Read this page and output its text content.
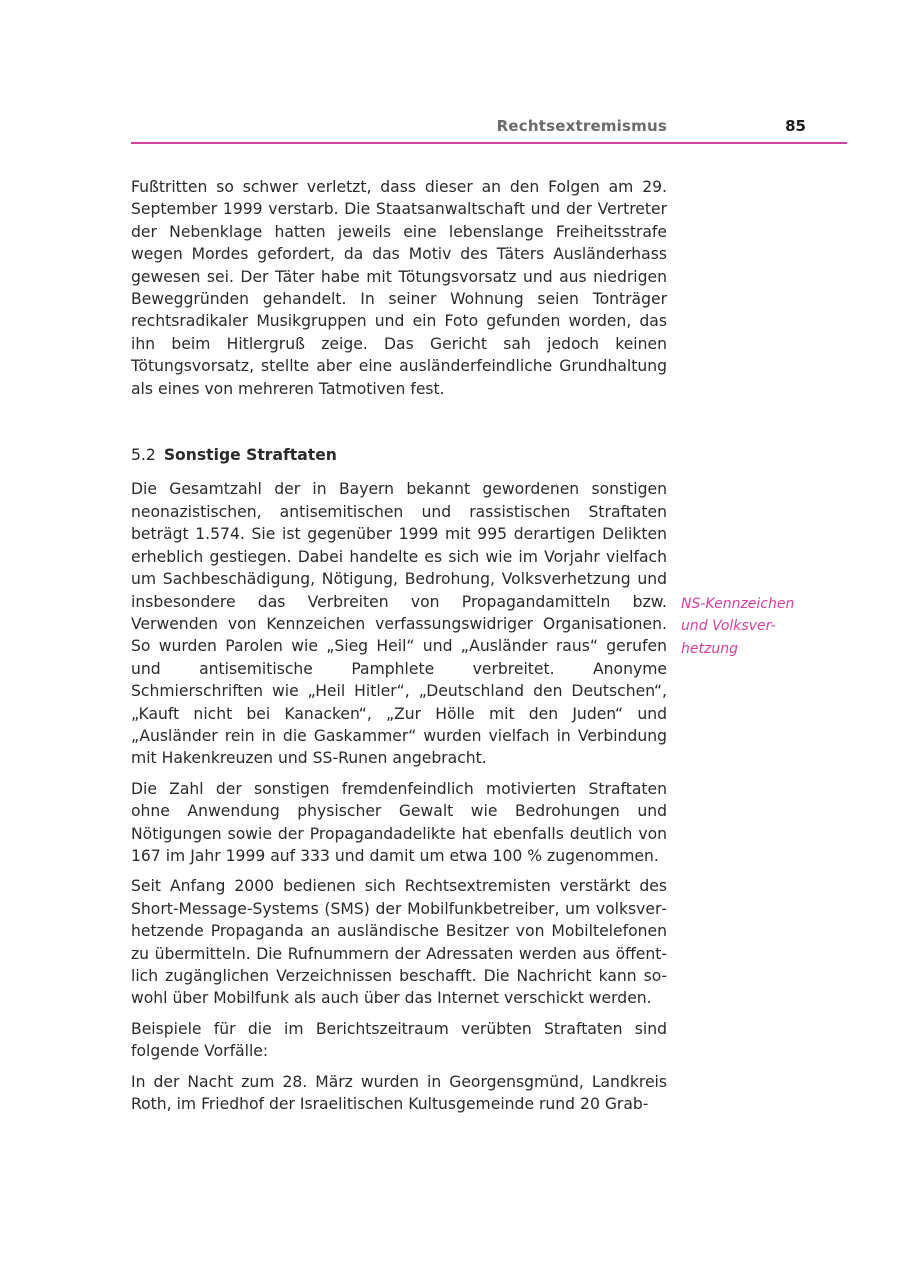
Rechtsextremismus	85

Fußtritten so schwer verletzt, dass dieser an den Folgen am 29. September 1999 verstarb. Die Staatsanwaltschaft und der Vertreter der Nebenklage hatten jeweils eine lebenslange Freiheitsstrafe wegen Mordes gefordert, da das Motiv des Täters Ausländerhass gewesen sei. Der Täter habe mit Tötungsvorsatz und aus niedrigen Beweggründen gehandelt. In seiner Wohnung seien Tonträger rechtsradikaler Musikgruppen und ein Foto gefunden worden, das ihn beim Hitlergruß zeige. Das Gericht sah jedoch keinen Tötungsvorsatz, stellte aber eine ausländerfeindliche Grundhaltung als eines von mehreren Tatmotiven fest.

5.2 Sonstige Straftaten

Die Gesamtzahl der in Bayern bekannt gewordenen sonstigen neonazistischen, antisemitischen und rassistischen Straftaten beträgt 1.574. Sie ist gegenüber 1999 mit 995 derartigen Delikten erheblich gestiegen. Dabei handelte es sich wie im Vorjahr vielfach um Sachbeschädigung, Nötigung, Bedrohung, Volksverhetzung und insbesondere das Verbreiten von Propagandamitteln bzw. Verwenden von Kennzeichen verfassungswidriger Organisationen. So wurden Parolen wie „Sieg Heil“ und „Ausländer raus“ gerufen und antisemitische Pamphlete verbreitet. Anonyme Schmierschriften wie „Heil Hitler“, „Deutschland den Deutschen“, „Kauft nicht bei Kanacken“, „Zur Hölle mit den Juden“ und „Ausländer rein in die Gaskammer“ wurden vielfach in Verbindung mit Hakenkreuzen und SS-Runen angebracht.

Die Zahl der sonstigen fremdenfeindlich motivierten Straftaten ohne Anwendung physischer Gewalt wie Bedrohungen und Nötigungen sowie der Propagandadelikte hat ebenfalls deutlich von 167 im Jahr 1999 auf 333 und damit um etwa 100 % zugenommen.

Seit Anfang 2000 bedienen sich Rechtsextremisten verstärkt des Short-Message-Systems (SMS) der Mobilfunkbetreiber, um volksverhetzende Propaganda an ausländische Besitzer von Mobiltelefonen zu übermitteln. Die Rufnummern der Adressaten werden aus öffentlich zugänglichen Verzeichnissen beschafft. Die Nachricht kann sowohl über Mobilfunk als auch über das Internet verschickt werden.

Beispiele für die im Berichtszeitraum verübten Straftaten sind folgende Vorfälle:

In der Nacht zum 28. März wurden in Georgensgmünd, Landkreis Roth, im Friedhof der Israelitischen Kultusgemeinde rund 20 Grab-

NS-Kennzeichen
und Volksver-
hetzung
